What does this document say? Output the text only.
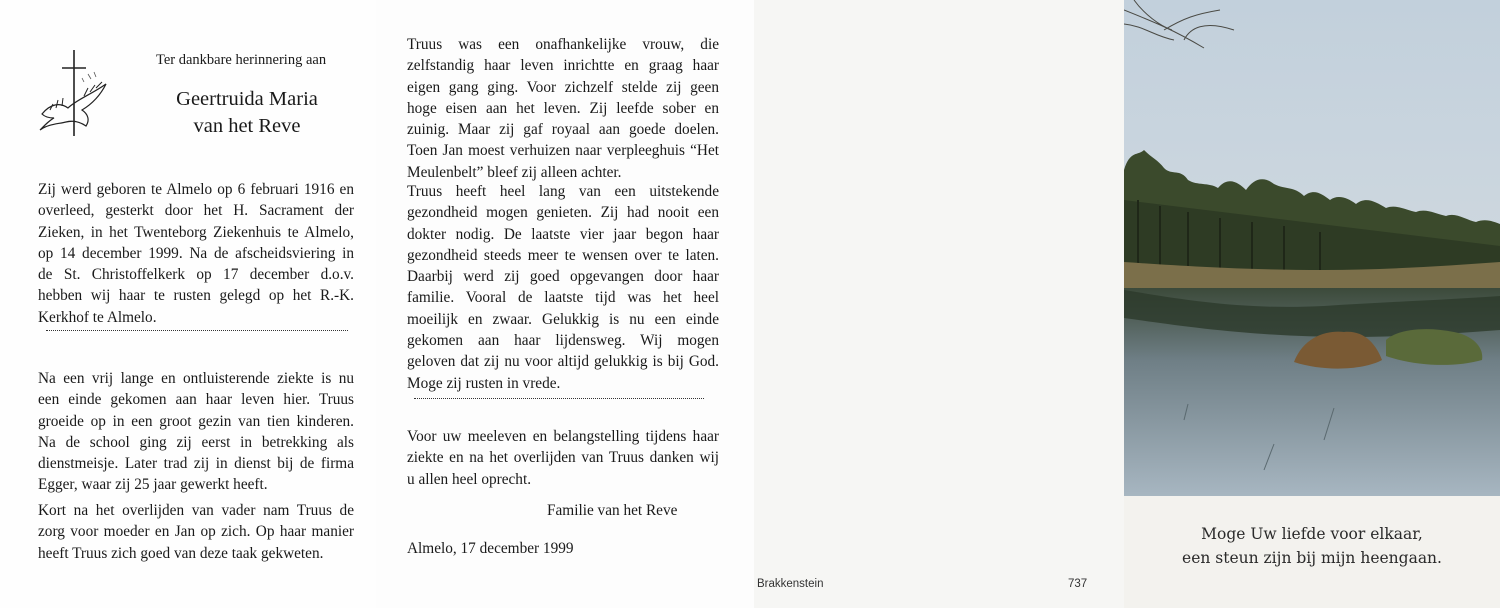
Ter dankbare herinnering aan
Geertruida Maria
van het Reve
Zij werd geboren te Almelo op 6 februari 1916 en
overleed, gesterkt door het H. Sacrament der
Zieken, in het Twenteborg Ziekenhuis te Almelo,
op 14 december 1999. Na de afscheidsviering in
de St. Christoffelkerk op 17 december d.o.v.
hebben wij haar te rusten gelegd op het R.-K.
Kerkhof te Almelo.
Na een vrij lange en ontluisterende ziekte is nu
een einde gekomen aan haar leven hier. Truus
groeide op in een groot gezin van tien kinderen.
Na de school ging zij eerst in betrekking als
dienstmeisje. Later trad zij in dienst bij de firma
Egger, waar zij 25 jaar gewerkt heeft.
Kort na het overlijden van vader nam Truus de
zorg voor moeder en Jan op zich. Op haar manier
heeft Truus zich goed van deze taak gekweten.
Truus was een onafhankelijke vrouw, die
zelfstandig haar leven inrichtte en graag haar
eigen gang ging. Voor zichzelf stelde zij geen
hoge eisen aan het leven. Zij leefde sober en
zuinig. Maar zij gaf royaal aan goede doelen.
Toen Jan moest verhuizen naar verpleeghuis “Het
Meulenbelt” bleef zij alleen achter.
Truus heeft heel lang van een uitstekende
gezondheid mogen genieten. Zij had nooit een
dokter nodig. De laatste vier jaar begon haar
gezondheid steeds meer te wensen over te laten.
Daarbij werd zij goed opgevangen door haar
familie. Vooral de laatste tijd was het heel
moeilijk en zwaar. Gelukkig is nu een einde
gekomen aan haar lijdensweg. Wij mogen
geloven dat zij nu voor altijd gelukkig is bij God.
Moge zij rusten in vrede.
Voor uw meeleven en belangstelling tijdens haar
ziekte en na het overlijden van Truus danken wij
u allen heel oprecht.
Familie van het Reve
Almelo, 17 december 1999
Brakkenstein	737
Moge Uw liefde voor elkaar,
een steun zijn bij mijn heengaan.
